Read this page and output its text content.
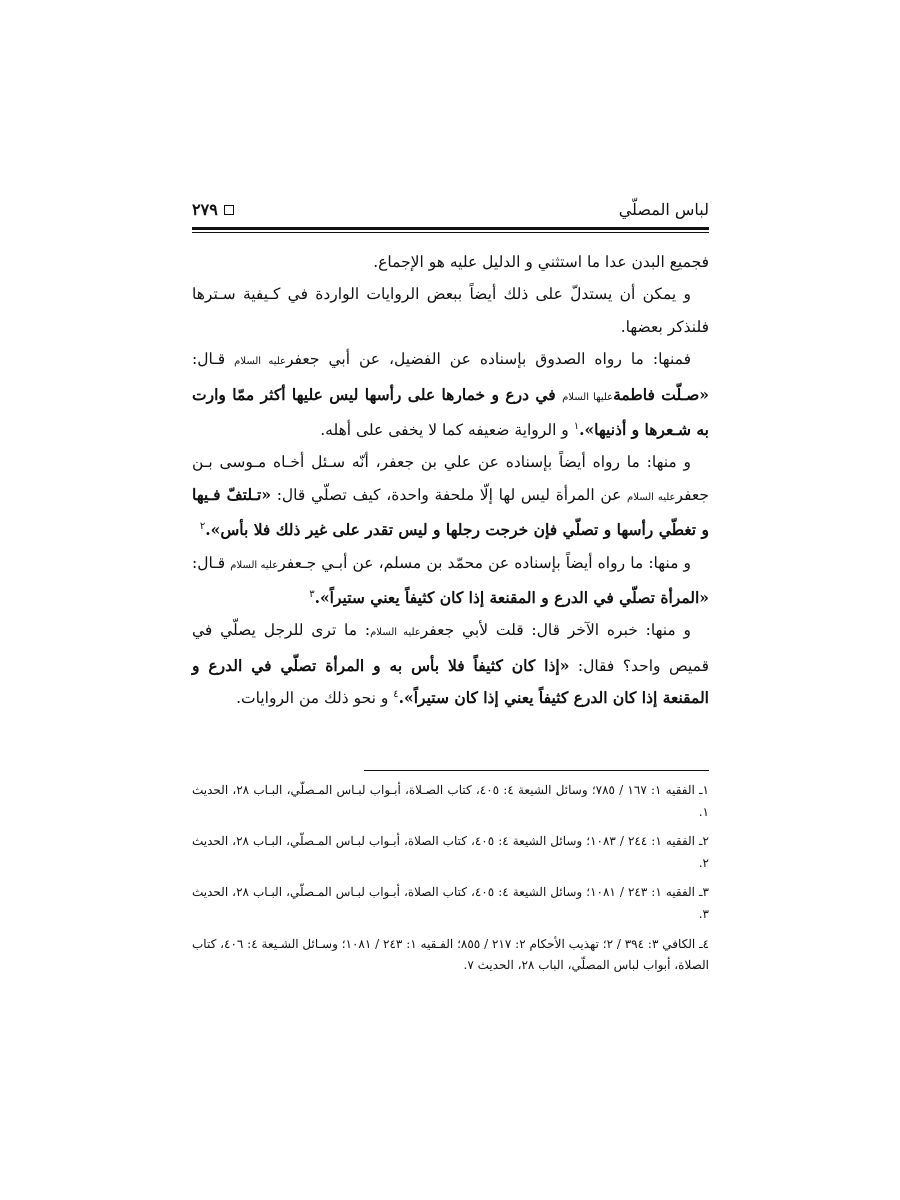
لباس المصلّي
٢٧٩

فجميع البدن عدا ما استثني و الدليل عليه هو الإجماع.

و يمكن أن يستدلّ على ذلك أيضاً ببعض الروايات الواردة في كـيفية سـترها فلنذكر بعضها.

فمنها: ما رواه الصدوق بإسناده عن الفضيل، عن أبي جعفرعليه السلام قـال: «صـلّت فاطمةعليها السلام في درع و خمارها على رأسها ليس عليها أكثر ممّا وارت به شـعرها و أذنيها».$^١$ و الرواية ضعيفه كما لا يخفى على أهله.

و منها: ما رواه أيضاً بإسناده عن علي بن جعفر، أنّه سـئل أخـاه مـوسى بـن جعفرعليه السلام عن المرأة ليس لها إلّا ملحفة واحدة، كيف تصلّي قال: «تـلتفّ فـيها و تغطّي رأسها و تصلّي فإن خرجت رجلها و ليس تقدر على غير ذلك فلا بأس».$^٢$

و منها: ما رواه أيضاً بإسناده عن محمّد بن مسلم، عن أبـي جـعفرعليه السلام قـال: «المرأة تصلّي في الدرع و المقنعة إذا كان كثيفاً يعني ستيراً».$^٣$

و منها: خبره الآخر قال: قلت لأبي جعفرعليه السلام: ما ترى للرجل يصلّي في قميص واحد؟ فقال: «إذا كان كثيفاً فلا بأس به و المرأة تصلّي في الدرع و المقنعة إذا كان الدرع كثيفاً يعني إذا كان ستيراً».$^٤$ و نحو ذلك من الروايات.

١ـ الفقيه ١: ١٦٧ / ٧٨٥؛ وسائل الشيعة ٤: ٤٠٥، كتاب الصـلاة، أبـواب لبـاس المـصلّي، البـاب ٢٨، الحديث ١.

٢ـ الفقيه ١: ٢٤٤ / ١٠٨٣؛ وسائل الشيعة ٤: ٤٠٥، كتاب الصلاة، أبـواب لبـاس المـصلّي، البـاب ٢٨، الحديث ٢.

٣ـ الفقيه ١: ٢٤٣ / ١٠٨١؛ وسائل الشيعة ٤: ٤٠٥، كتاب الصلاة، أبـواب لبـاس المـصلّي، البـاب ٢٨، الحديث ٣.

٤ـ الكافي ٣: ٣٩٤ / ٢؛ تهذيب الأحكام ٢: ٢١٧ / ٨٥٥؛ الفـقيه ١: ٢٤٣ / ١٠٨١؛ وسـائل الشـيعة ٤: ٤٠٦، كتاب الصلاة، أبواب لباس المصلّي، الباب ٢٨، الحديث ٧.
